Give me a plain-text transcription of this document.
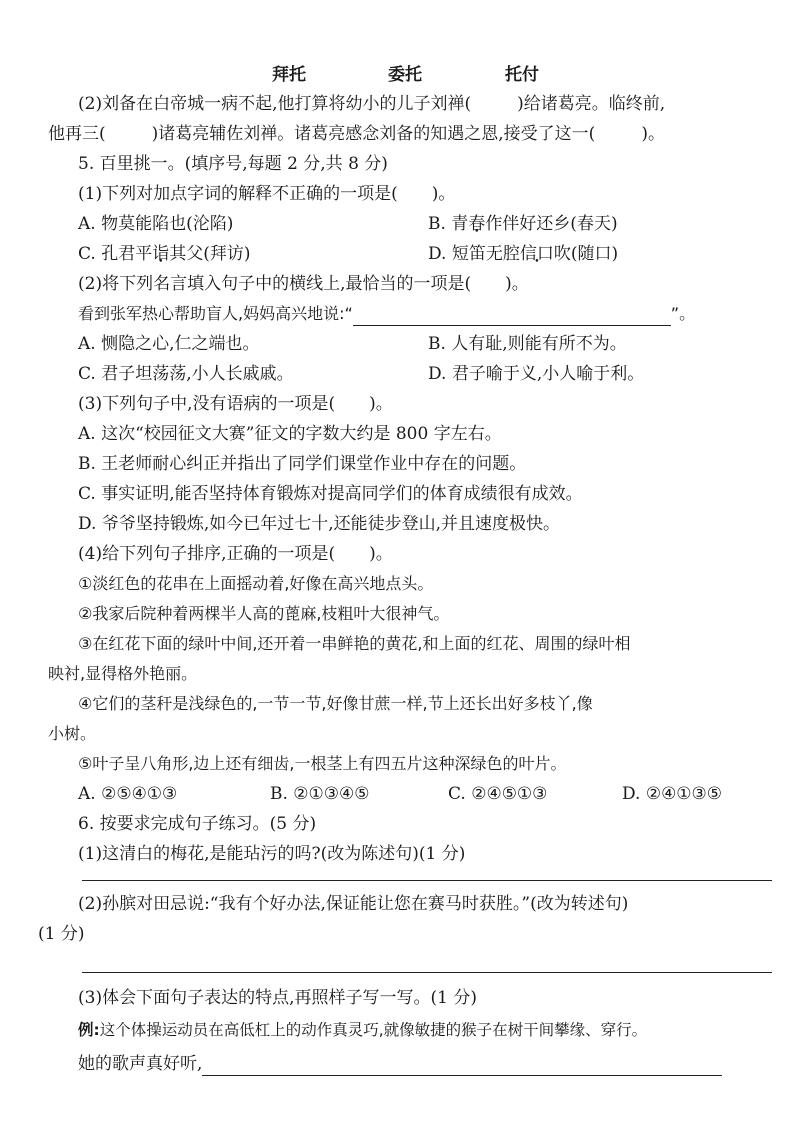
拜托	委托	托付
(2)刘备在白帝城一病不起,他打算将幼小的儿子刘禅(	)给诸葛亮。临终前,
他再三(	)诸葛亮辅佐刘禅。诸葛亮感念刘备的知遇之恩,接受了这一(	)。
5. 百里挑一。(填序号,每题 2 分,共 8 分)
(1)下列对加点字词的解释不正确的一项是( )。
A. 物莫能陷也(沦陷)	B. 青春作伴好还乡(春天)
C. 孔君平诣其父(拜访)	D. 短笛无腔信口吹(随口)
(2)将下列名言填入句子中的横线上,最恰当的一项是( )。
看到张军热心帮助盲人,妈妈高兴地说:“	”。
A. 恻隐之心,仁之端也。	B. 人有耻,则能有所不为。
C. 君子坦荡荡,小人长戚戚。	D. 君子喻于义,小人喻于利。
(3)下列句子中,没有语病的一项是( )。
A. 这次“校园征文大赛”征文的字数大约是 800 字左右。
B. 王老师耐心纠正并指出了同学们课堂作业中存在的问题。
C. 事实证明,能否坚持体育锻炼对提高同学们的体育成绩很有成效。
D. 爷爷坚持锻炼,如今已年过七十,还能徒步登山,并且速度极快。
(4)给下列句子排序,正确的一项是( )。
①淡红色的花串在上面摇动着,好像在高兴地点头。
②我家后院种着两棵半人高的蓖麻,枝粗叶大很神气。
③在红花下面的绿叶中间,还开着一串鲜艳的黄花,和上面的红花、周围的绿叶相
映衬,显得格外艳丽。
④它们的茎秆是浅绿色的,一节一节,好像甘蔗一样,节上还长出好多枝丫,像
小树。
⑤叶子呈八角形,边上还有细齿,一根茎上有四五片这种深绿色的叶片。
A. ②⑤④①③	B. ②①③④⑤	C. ②④⑤①③	D. ②④①③⑤
6. 按要求完成句子练习。(5 分)
(1)这清白的梅花,是能玷污的吗?(改为陈述句)(1 分)
(2)孙膑对田忌说:“我有个好办法,保证能让您在赛马时获胜。”(改为转述句)
(1 分)
(3)体会下面句子表达的特点,再照样子写一写。(1 分)
例:这个体操运动员在高低杠上的动作真灵巧,就像敏捷的猴子在树干间攀缘、穿行。
她的歌声真好听,
